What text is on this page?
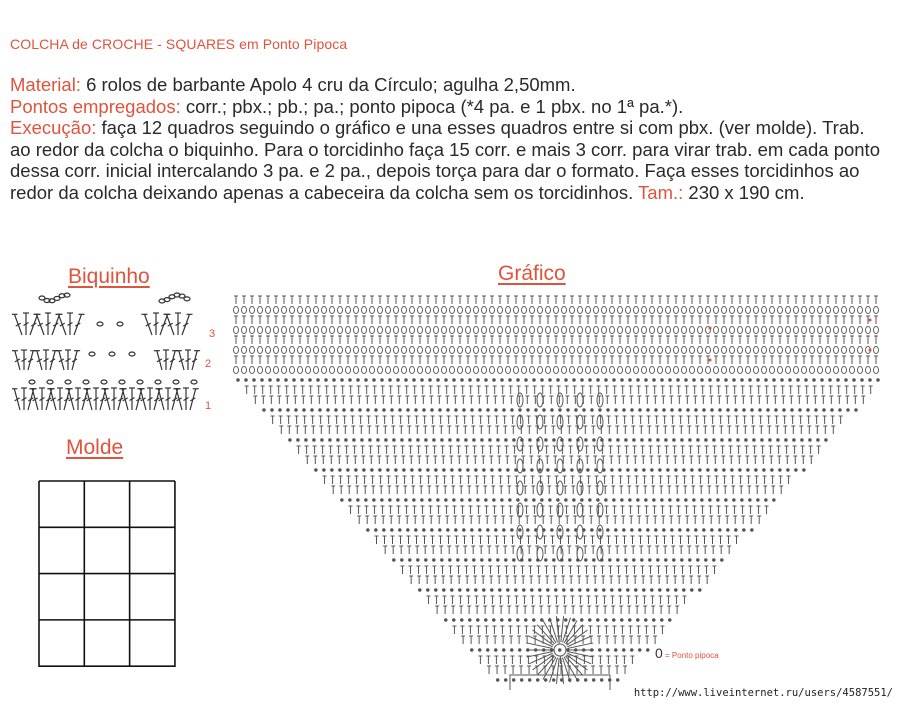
COLCHA de CROCHE - SQUARES em Ponto Pipoca
Material: 6 rolos de barbante Apolo 4 cru da Círculo; agulha 2,50mm.
Pontos empregados: corr.; pbx.; pb.; pa.; ponto pipoca (*4 pa. e 1 pbx. no 1ª pa.*).
Execução: faça 12 quadros seguindo o gráfico e una esses quadros entre si com pbx. (ver molde). Trab. ao redor da colcha o biquinho. Para o torcidinho faça 15 corr. e mais 3 corr. para virar trab. em cada ponto dessa corr. inicial intercalando 3 pa. e 2 pa., depois torça para dar o formato. Faça esses torcidinhos ao redor da colcha deixando apenas a cabeceira da colcha sem os torcidinhos. Tam.: 230 x 190 cm.
Biquinho
Molde
Gráfico
3
2
1
0 = Ponto pipoca
http://www.liveinternet.ru/users/4587551/
